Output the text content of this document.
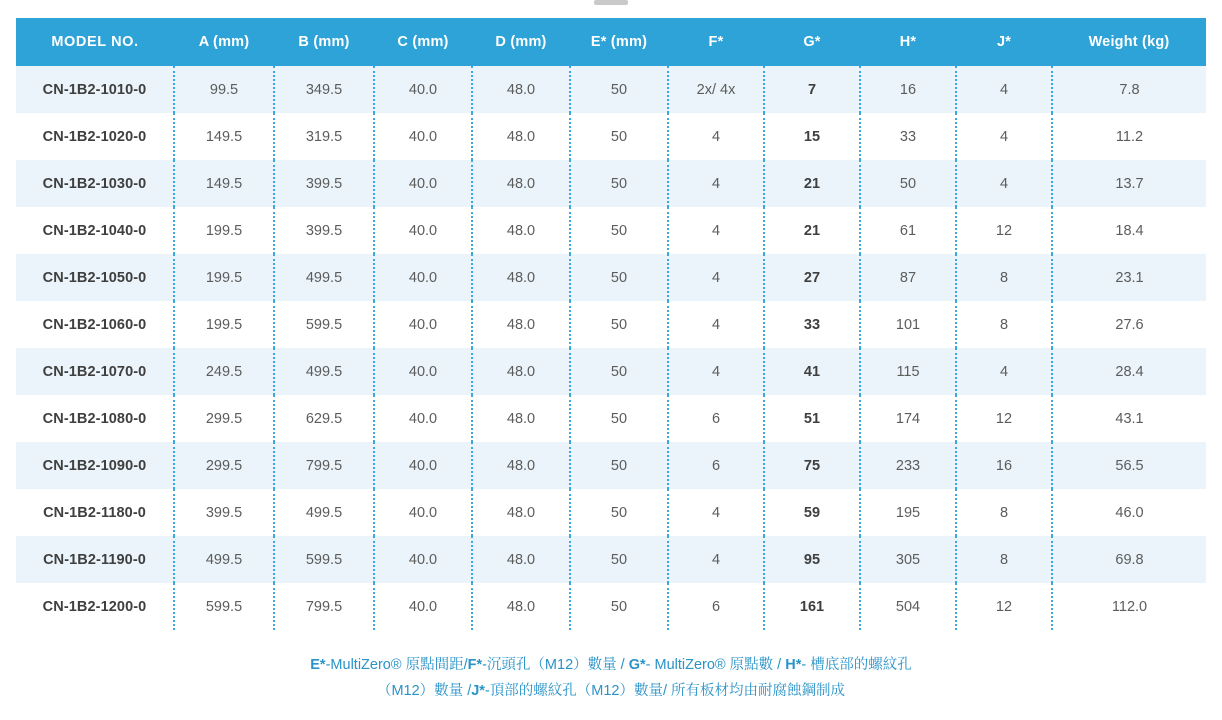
MODEL NO.	A (mm)	B (mm)	C (mm)	D (mm)	E* (mm)	F*	G*	H*	J*	Weight (kg)
CN-1B2-1010-0	99.5	349.5	40.0	48.0	50	2x/ 4x	7	16	4	7.8
CN-1B2-1020-0	149.5	319.5	40.0	48.0	50	4	15	33	4	11.2
CN-1B2-1030-0	149.5	399.5	40.0	48.0	50	4	21	50	4	13.7
CN-1B2-1040-0	199.5	399.5	40.0	48.0	50	4	21	61	12	18.4
CN-1B2-1050-0	199.5	499.5	40.0	48.0	50	4	27	87	8	23.1
CN-1B2-1060-0	199.5	599.5	40.0	48.0	50	4	33	101	8	27.6
CN-1B2-1070-0	249.5	499.5	40.0	48.0	50	4	41	115	4	28.4
CN-1B2-1080-0	299.5	629.5	40.0	48.0	50	6	51	174	12	43.1
CN-1B2-1090-0	299.5	799.5	40.0	48.0	50	6	75	233	16	56.5
CN-1B2-1180-0	399.5	499.5	40.0	48.0	50	4	59	195	8	46.0
CN-1B2-1190-0	499.5	599.5	40.0	48.0	50	4	95	305	8	69.8
CN-1B2-1200-0	599.5	799.5	40.0	48.0	50	6	161	504	12	112.0
E*-MultiZero® 原點間距/F*-沉頭孔（M12）數量 / G*- MultiZero® 原點數 / H*- 槽底部的螺紋孔
（M12）數量 /J*-頂部的螺紋孔（M12）數量/ 所有板材均由耐腐蝕鋼制成
